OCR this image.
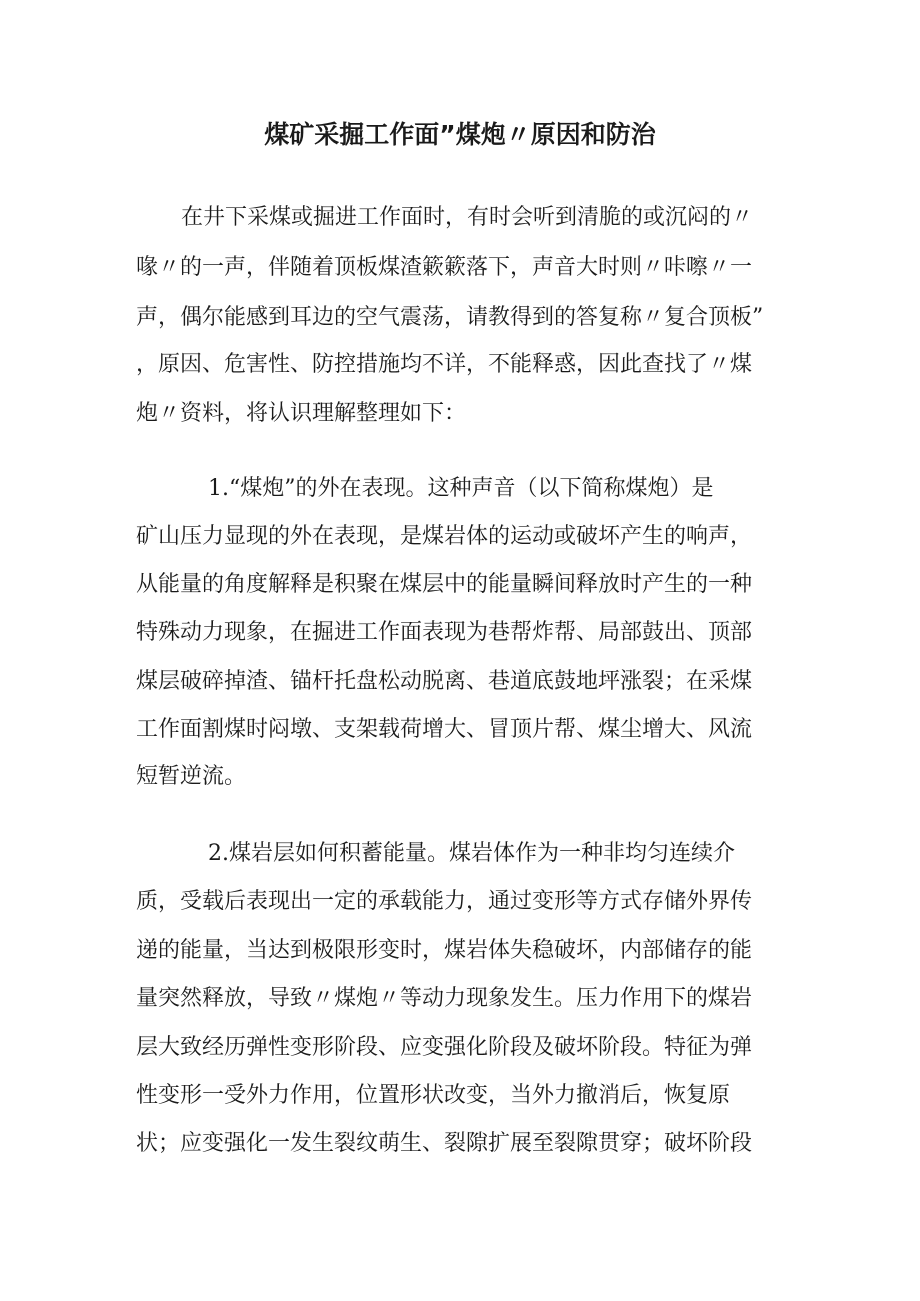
煤矿采掘工作面”煤炮〃原因和防治
在井下采煤或掘进工作面时，有时会听到清脆的或沉闷的〃
喙〃的一声，伴随着顶板煤渣簌簌落下，声音大时则〃咔嚓〃一
声，偶尔能感到耳边的空气震荡，请教得到的答复称〃复合顶板”
，原因、危害性、防控措施均不详，不能释惑，因此查找了〃煤
炮〃资料，将认识理解整理如下：
1.“煤炮”的外在表现。这种声音（以下简称煤炮）是
矿山压力显现的外在表现，是煤岩体的运动或破坏产生的响声，
从能量的角度解释是积聚在煤层中的能量瞬间释放时产生的一种
特殊动力现象，在掘进工作面表现为巷帮炸帮、局部鼓出、顶部
煤层破碎掉渣、锚杆托盘松动脱离、巷道底鼓地坪涨裂；在采煤
工作面割煤时闷墩、支架载荷增大、冒顶片帮、煤尘增大、风流
短暂逆流。
2.煤岩层如何积蓄能量。煤岩体作为一种非均匀连续介
质，受载后表现出一定的承载能力，通过变形等方式存储外界传
递的能量，当达到极限形变时，煤岩体失稳破坏，内部储存的能
量突然释放，导致〃煤炮〃等动力现象发生。压力作用下的煤岩
层大致经历弹性变形阶段、应变强化阶段及破坏阶段。特征为弹
性变形一受外力作用，位置形状改变，当外力撤消后，恢复原
状；应变强化一发生裂纹萌生、裂隙扩展至裂隙贯穿；破坏阶段
